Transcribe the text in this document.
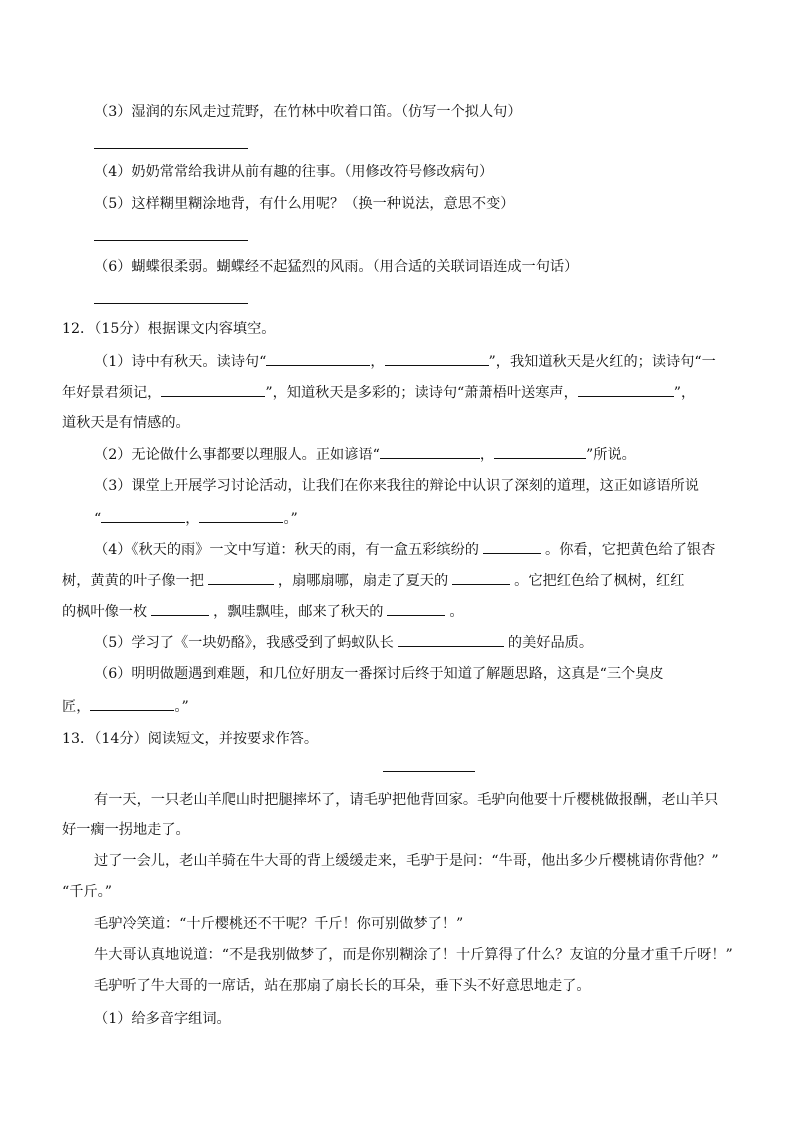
（3）湿润的东风走过荒野，在竹林中吹着口笛。（仿写一个拟人句）
（4）奶奶常常给我讲从前有趣的往事。（用修改符号修改病句）
（5）这样糊里糊涂地背，有什么用呢？（换一种说法，意思不变）
（6）蝴蝶很柔弱。蝴蝶经不起猛烈的风雨。（用合适的关联词语连成一句话）
12．（15分）根据课文内容填空。
（1）诗中有秋天。读诗句“	，	”，我知道秋天是火红的；读诗句“一
年好景君须记，	”，知道秋天是多彩的；读诗句“萧萧梧叶送寒声，	”，
道秋天是有情感的。
（2）无论做什么事都要以理服人。正如谚语“	，	”所说。
（3）课堂上开展学习讨论活动，让我们在你来我往的辩论中认识了深刻的道理，这正如谚语所说
“	，	。”
（4）《秋天的雨》一文中写道：秋天的雨，有一盒五彩缤纷的	。你看，它把黄色给了银杏
树，黄黄的叶子像一把	，扇哪扇哪，扇走了夏天的	。它把红色给了枫树，红红
的枫叶像一枚	，飘哇飘哇，邮来了秋天的	。
（5）学习了《一块奶酪》，我感受到了蚂蚁队长	的美好品质。
（6）明明做题遇到难题，和几位好朋友一番探讨后终于知道了解题思路，这真是“三个臭皮
匠，	。”
13．（14分）阅读短文，并按要求作答。
有一天，一只老山羊爬山时把腿摔坏了，请毛驴把他背回家。毛驴向他要十斤樱桃做报酬，老山羊只
好一瘸一拐地走了。
过了一会儿，老山羊骑在牛大哥的背上缓缓走来，毛驴于是问：“牛哥，他出多少斤樱桃请你背他？”
“千斤。”
毛驴冷笑道：“十斤樱桃还不干呢？千斤！你可别做梦了！”
牛大哥认真地说道：“不是我别做梦了，而是你别糊涂了！十斤算得了什么？友谊的分量才重千斤呀！”
毛驴听了牛大哥的一席话，站在那扇了扇长长的耳朵，垂下头不好意思地走了。
（1）给多音字组词。
